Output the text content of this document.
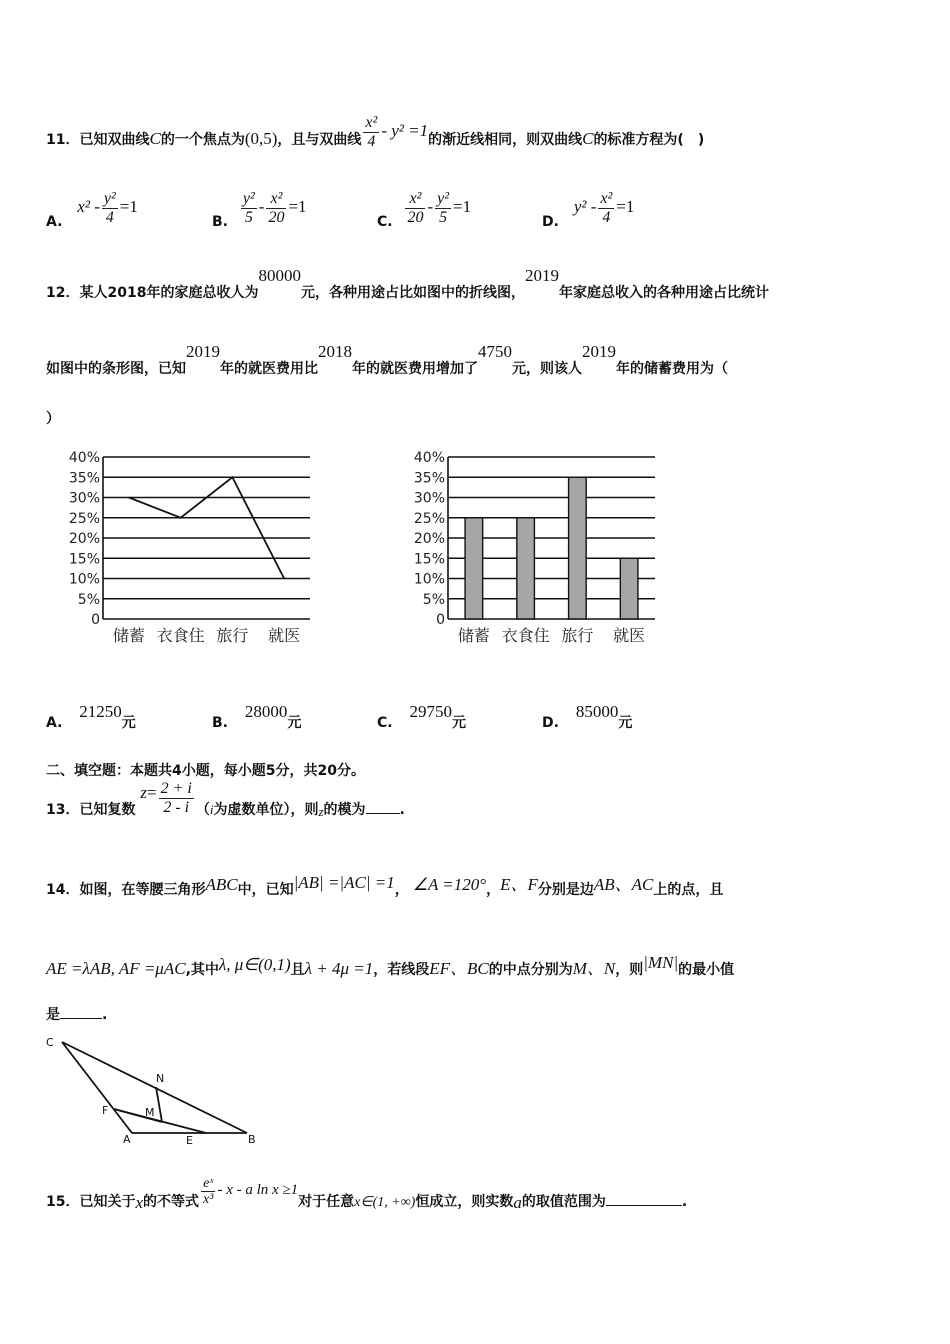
11．已知双曲线C的一个焦点为(0,5)，且与双曲线 $\frac{\text{x²}}{4} - y^2 =1$的渐近线相同，则双曲线C的标准方程为(　)
A. $x^2 - \frac{\text{y²}}{4} =1$
B. $\frac{\text{y²}}{5} - \frac{\text{x²}}{20} =1$
C. $\frac{\text{x²}}{20} - \frac{\text{y²}}{5} =1$
D. $y^2 - \frac{\text{x²}}{4} =1$
12．某人2018年的家庭总收人为80000元，各种用途占比如图中的折线图，2019年家庭总收入的各种用途占比统计
如图中的条形图，已知2019年的就医费用比2018年的就医费用增加了4750元，则该人2019年的储蓄费用为（
）
0
5%
10%
15%
20%
25%
30%
35%
40%
储蓄 衣食住 旅行 就医
0
5%
10%
15%
20%
25%
30%
35%
40%
储蓄 衣食住 旅行 就医
A. 21250元	B. 28000元	C. 29750元	D. 85000元
二、填空题：本题共4小题，每小题5分，共20分。
13．已知复数 $z= \frac{2 + i}{2 - i} (i$为虚数单位），则z的模为 .
14．如图，在等腰三角形ABC中，已知|AB| =|AC| =1， ∠A =120°，E、F分别是边AB、AC上的点，且
AE =λAB, AF =μAC,其中λ, μ∈(0,1)且λ + 4μ =1，若线段EF、BC的中点分别为M、N，则|MN|的最小值
是	.
C
N
F	M
A	E	B
15．已知关于x的不等式 $\frac{\text{eˣ}}{\text{x³}}$ - x - a ln x ≥1对于任意x∈(1, +∞)恒成立，则实数a的取值范围为	.
